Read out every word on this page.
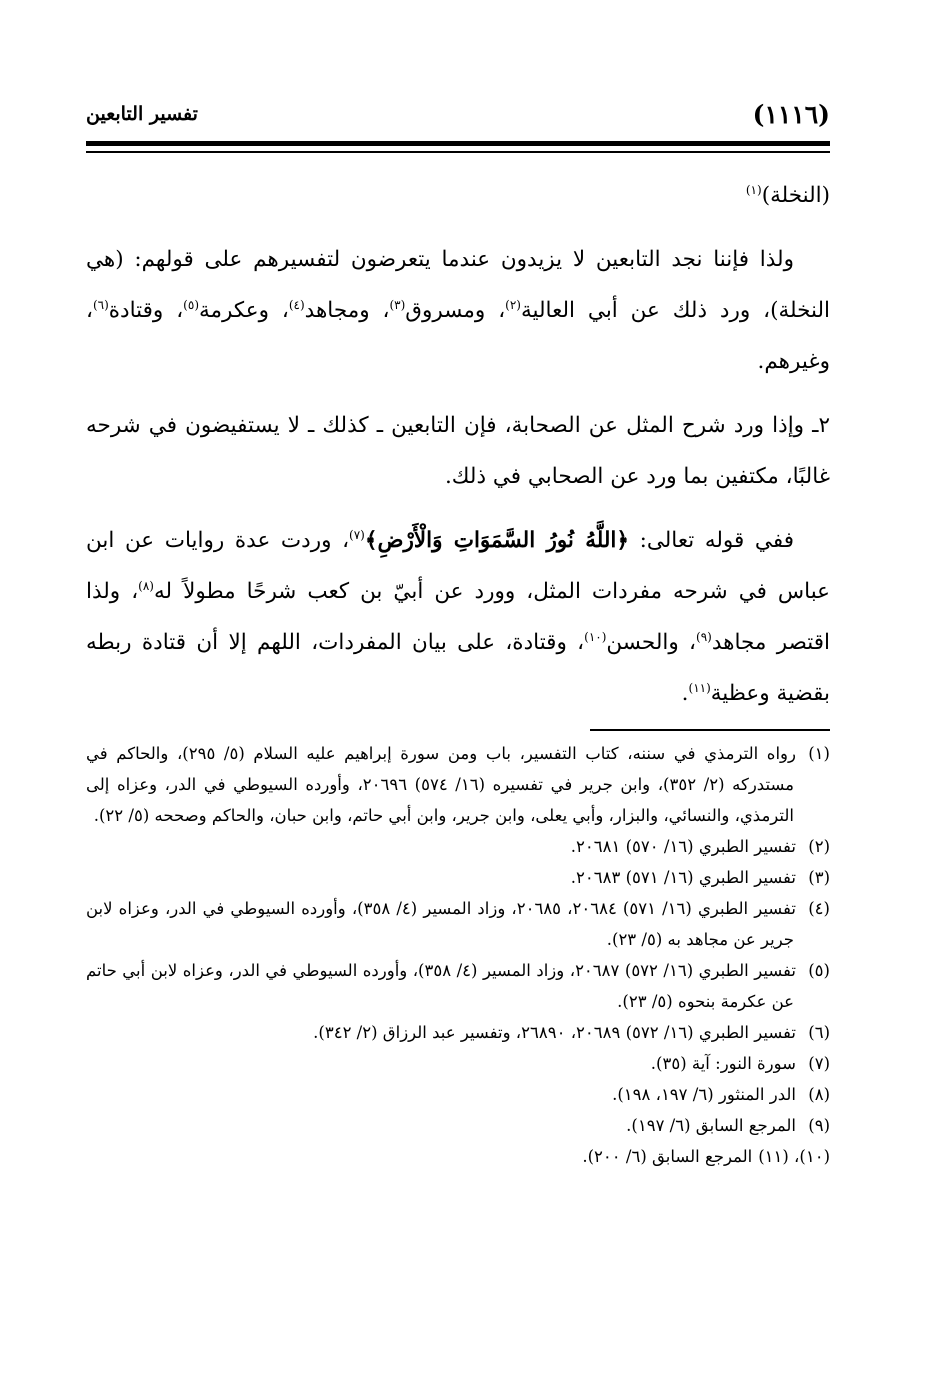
(١١١٦)
تفسير التابعين

(النخلة)$^{(١)}$

ولذا فإننا نجد التابعين لا يزيدون عندما يتعرضون لتفسيرهم على قولهم: (هي النخلة)، ورد ذلك عن أبي العالية$^{(٢)}$، ومسروق$^{(٣)}$، ومجاهد$^{(٤)}$، وعكرمة$^{(٥)}$، وقتادة$^{(٦)}$، وغيرهم.

٢ـ وإذا ورد شرح المثل عن الصحابة، فإن التابعين ـ كذلك ـ لا يستفيضون في شرحه غالبًا، مكتفين بما ورد عن الصحابي في ذلك.

ففي قوله تعالى: ﴿اللَّهُ نُورُ السَّمَوَاتِ وَالْأَرْضِ﴾$^{(٧)}$، وردت عدة روايات عن ابن عباس في شرحه مفردات المثل، وورد عن أبيّ بن كعب شرحًا مطولاً له$^{(٨)}$، ولذا اقتصر مجاهد$^{(٩)}$، والحسن$^{(١٠)}$، وقتادة، على بيان المفردات، اللهم إلا أن قتادة ربطه بقضية وعظية$^{(١١)}$.

(١)رواه الترمذي في سننه، كتاب التفسير، باب ومن سورة إبراهيم عليه السلام (٥/ ٢٩٥)، والحاكم في مستدركه (٢/ ٣٥٢)، وابن جرير في تفسيره (١٦/ ٥٧٤) ٢٠٦٩٦، وأورده السيوطي في الدر، وعزاه إلى الترمذي، والنسائي، والبزار، وأبي يعلى، وابن جرير، وابن أبي حاتم، وابن حبان، والحاكم وصححه (٥/ ٢٢).

(٢)تفسير الطبري (١٦/ ٥٧٠) ٢٠٦٨١.

(٣)تفسير الطبري (١٦/ ٥٧١) ٢٠٦٨٣.

(٤)تفسير الطبري (١٦/ ٥٧١) ٢٠٦٨٤، ٢٠٦٨٥، وزاد المسير (٤/ ٣٥٨)، وأورده السيوطي في الدر، وعزاه لابن جرير عن مجاهد به (٥/ ٢٣).

(٥)تفسير الطبري (١٦/ ٥٧٢) ٢٠٦٨٧، وزاد المسير (٤/ ٣٥٨)، وأورده السيوطي في الدر، وعزاه لابن أبي حاتم عن عكرمة بنحوه (٥/ ٢٣).

(٦)تفسير الطبري (١٦/ ٥٧٢) ٢٠٦٨٩، ٢٦٨٩٠، وتفسير عبد الرزاق (٢/ ٣٤٢).

(٧)سورة النور: آية (٣٥).

(٨)الدر المنثور (٦/ ١٩٧، ١٩٨).

(٩)المرجع السابق (٦/ ١٩٧).

(١٠)، (١١)المرجع السابق (٦/ ٢٠٠).
